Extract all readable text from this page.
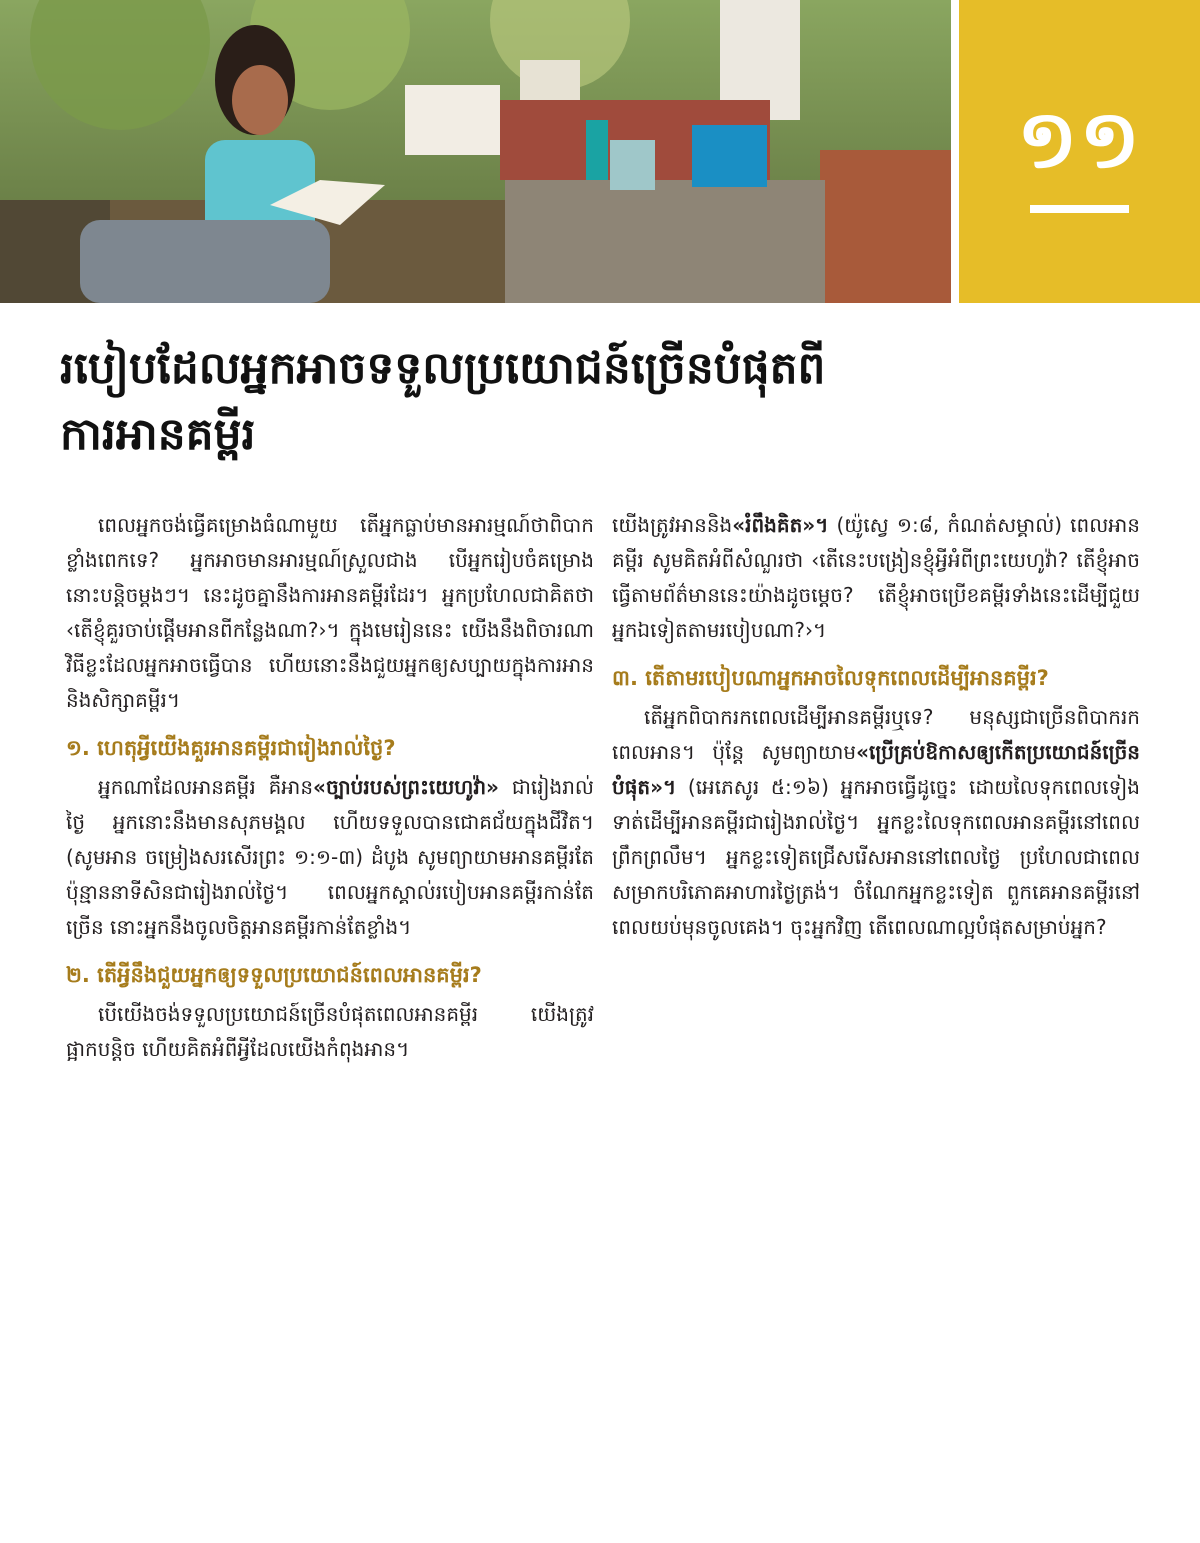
១១
របៀបដែលអ្នកអាចទទួលប្រយោជន៍ច្រើនបំផុតពីការអានគម្ពីរ

ពេលអ្នកចង់ធ្វើគម្រោងធំណាមួយ តើអ្នកធ្លាប់មានអារម្មណ៍ថាពិបាកខ្លាំងពេកទេ? អ្នកអាចមានអារម្មណ៍ស្រួលជាង បើអ្នករៀបចំគម្រោងនោះបន្ដិចម្ដងៗ។ នេះដូចគ្នានឹងការអានគម្ពីរដែរ។ អ្នកប្រហែលជាគិតថា ‹តើខ្ញុំគួរចាប់ផ្ដើមអានពីកន្លែងណា?›។ ក្នុងមេរៀននេះ យើងនឹងពិចារណាវិធីខ្លះដែលអ្នកអាចធ្វើបាន ហើយនោះនឹងជួយអ្នកឲ្យសប្បាយក្នុងការអាននិងសិក្សាគម្ពីរ។

១. ហេតុអ្វីយើងគួរអានគម្ពីរជារៀងរាល់ថ្ងៃ?

អ្នកណាដែលអានគម្ពីរ គឺអាន«ច្បាប់របស់ព្រះយេហូវ៉ា» ជារៀងរាល់ថ្ងៃ អ្នកនោះនឹងមានសុភមង្គល ហើយទទួលបានជោគជ័យក្នុងជីវិត។ (សូមអាន ចម្រៀងសរសើរព្រះ ១:១-៣) ដំបូង សូមព្យាយាមអានគម្ពីរតែប៉ុន្មាននាទីសិនជារៀងរាល់ថ្ងៃ។ ពេលអ្នកស្គាល់របៀបអានគម្ពីរកាន់តែច្រើន នោះអ្នកនឹងចូលចិត្តអានគម្ពីរកាន់តែខ្លាំង។

២. តើអ្វីនឹងជួយអ្នកឲ្យទទួលប្រយោជន៍ពេលអានគម្ពីរ?

បើយើងចង់ទទួលប្រយោជន៍ច្រើនបំផុតពេលអានគម្ពីរ យើងត្រូវផ្អាកបន្ដិច ហើយគិតអំពីអ្វីដែលយើងកំពុងអាន។

យើងត្រូវអាននិង«រំពឹងគិត»។ (យ៉ូស្វេ ១:៨, កំណត់សម្គាល់) ពេលអានគម្ពីរ សូមគិតអំពីសំណួរថា ‹តើនេះបង្រៀនខ្ញុំអ្វីអំពីព្រះយេហូវ៉ា? តើខ្ញុំអាចធ្វើតាមព័ត៌មាននេះយ៉ាងដូចម្ដេច? តើខ្ញុំអាចប្រើខគម្ពីរទាំងនេះដើម្បីជួយអ្នកឯទៀតតាមរបៀបណា?›។

៣. តើតាមរបៀបណាអ្នកអាចលៃទុកពេលដើម្បីអានគម្ពីរ?

តើអ្នកពិបាករកពេលដើម្បីអានគម្ពីរឬទេ? មនុស្សជាច្រើនពិបាករកពេលអាន។ ប៉ុន្តែ សូមព្យាយាម«ប្រើគ្រប់ឱកាសឲ្យកើតប្រយោជន៍ច្រើនបំផុត»។ (អេភេសូរ ៥:១៦) អ្នកអាចធ្វើដូច្នេះ ដោយលៃទុកពេលទៀងទាត់ដើម្បីអានគម្ពីរជារៀងរាល់ថ្ងៃ។ អ្នកខ្លះលៃទុកពេលអានគម្ពីរនៅពេលព្រឹកព្រលឹម។ អ្នកខ្លះទៀតជ្រើសរើសអាននៅពេលថ្ងៃ ប្រហែលជាពេលសម្រាកបរិភោគអាហារថ្ងៃត្រង់។ ចំណែកអ្នកខ្លះទៀត ពួកគេអានគម្ពីរនៅពេលយប់មុនចូលគេង។ ចុះអ្នកវិញ តើពេលណាល្អបំផុតសម្រាប់អ្នក?
